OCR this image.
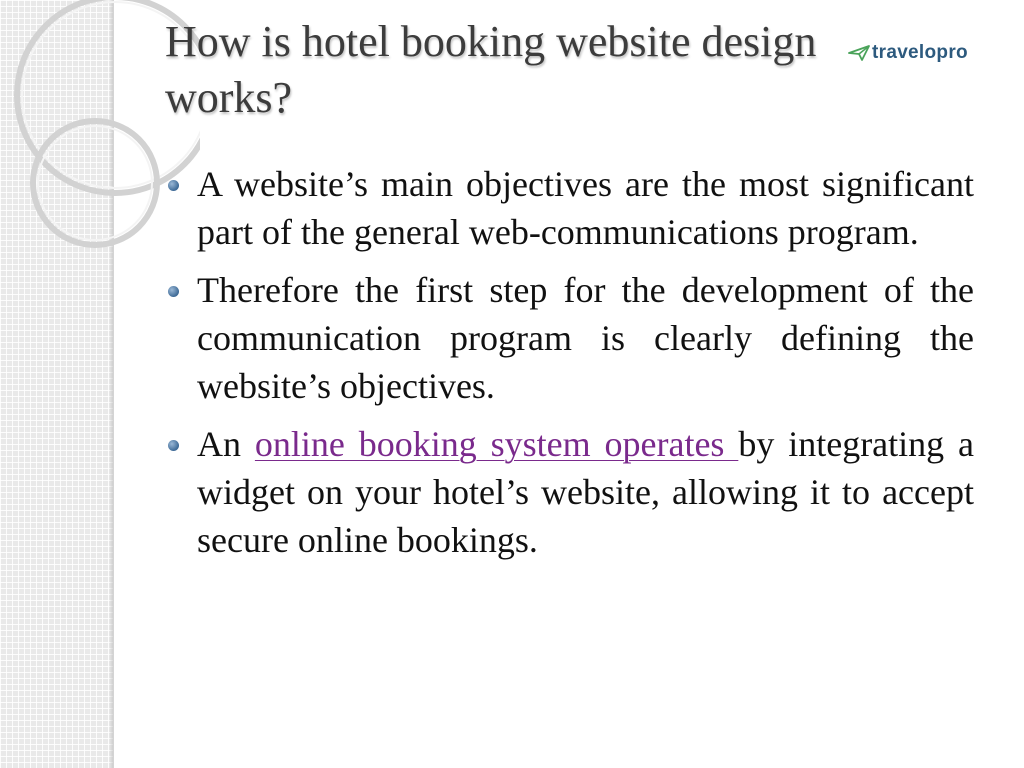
How is hotel booking website design works?
travelopro
A website’s main objectives are the most significant part of the general web-communications program.
Therefore the first step for the development of the communication program is clearly defining the website’s objectives.
An online booking system operates by integrating a widget on your hotel’s website, allowing it to accept secure online bookings.
